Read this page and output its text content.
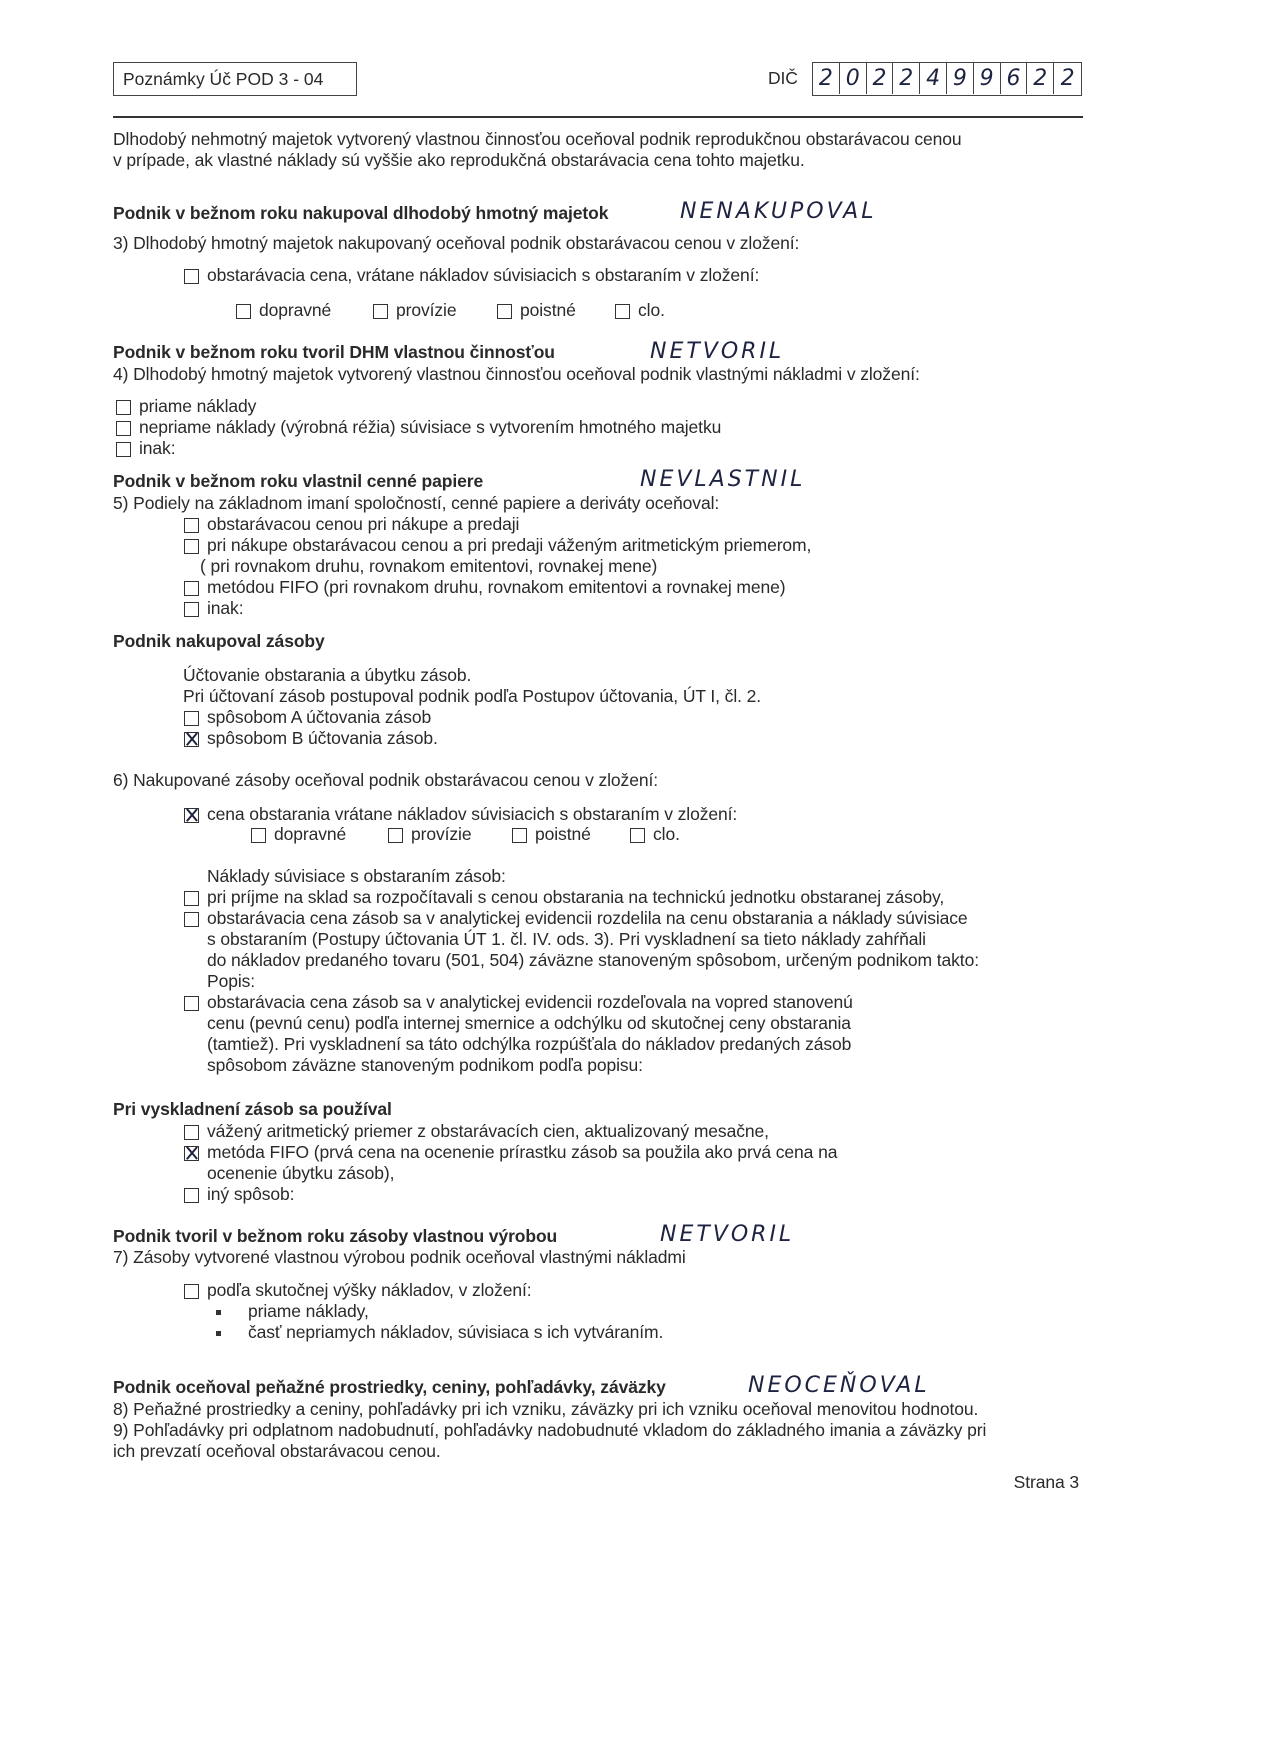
Poznámky Úč POD 3 - 04	DIČ 2 0 2 2 4 9 9 6 2 2
Dlhodobý nehmotný majetok vytvorený vlastnou činnosťou oceňoval podnik reprodukčnou obstarávacou cenou
v prípade, ak vlastné náklady sú vyššie ako reprodukčná obstarávacia cena tohto majetku.
Podnik v bežnom roku nakupoval dlhodobý hmotný majetok	NENAKUPOVAL
3) Dlhodobý hmotný majetok nakupovaný oceňoval podnik obstarávacou cenou v zložení:
obstarávacia cena, vrátane nákladov súvisiacich s obstaraním v zložení:
dopravné	provízie	poistné	clo.
Podnik v bežnom roku tvoril DHM vlastnou činnosťou	NETVORIL
4) Dlhodobý hmotný majetok vytvorený vlastnou činnosťou oceňoval podnik vlastnými nákladmi v zložení:
priame náklady
nepriame náklady (výrobná réžia) súvisiace s vytvorením hmotného majetku
inak:
Podnik v bežnom roku vlastnil cenné papiere	NEVLASTNIL
5) Podiely na základnom imaní spoločností, cenné papiere a deriváty oceňoval:
obstarávacou cenou pri nákupe a predaji
pri nákupe obstarávacou cenou a pri predaji váženým aritmetickým priemerom,
( pri rovnakom druhu, rovnakom emitentovi, rovnakej mene)
metódou FIFO (pri rovnakom druhu, rovnakom emitentovi a rovnakej mene)
inak:
Podnik nakupoval zásoby
Účtovanie obstarania a úbytku zásob.
Pri účtovaní zásob postupoval podnik podľa Postupov účtovania, ÚT I, čl. 2.
spôsobom A účtovania zásob
spôsobom B účtovania zásob.
6) Nakupované zásoby oceňoval podnik obstarávacou cenou v zložení:
cena obstarania vrátane nákladov súvisiacich s obstaraním v zložení:
dopravné	provízie	poistné	clo.
Náklady súvisiace s obstaraním zásob:
pri príjme na sklad sa rozpočítavali s cenou obstarania na technickú jednotku obstaranej zásoby,
obstarávacia cena zásob sa v analytickej evidencii rozdelila na cenu obstarania a náklady súvisiace
s obstaraním (Postupy účtovania ÚT 1. čl. IV. ods. 3). Pri vyskladnení sa tieto náklady zahŕňali
do nákladov predaného tovaru (501, 504) záväzne stanoveným spôsobom, určeným podnikom takto:
Popis:
obstarávacia cena zásob sa v analytickej evidencii rozdeľovala na vopred stanovenú
cenu (pevnú cenu) podľa internej smernice a odchýlku od skutočnej ceny obstarania
(tamtiež). Pri vyskladnení sa táto odchýlka rozpúšťala do nákladov predaných zásob
spôsobom záväzne stanoveným podnikom podľa popisu:
Pri vyskladnení zásob sa používal
vážený aritmetický priemer z obstarávacích cien, aktualizovaný mesačne,
metóda FIFO (prvá cena na ocenenie prírastku zásob sa použila ako prvá cena na
ocenenie úbytku zásob),
iný spôsob:
Podnik tvoril v bežnom roku zásoby vlastnou výrobou	NETVORIL
7) Zásoby vytvorené vlastnou výrobou podnik oceňoval vlastnými nákladmi
podľa skutočnej výšky nákladov, v zložení:
priame náklady,
časť nepriamych nákladov, súvisiaca s ich vytváraním.
Podnik oceňoval peňažné prostriedky, ceniny, pohľadávky, záväzky	NEOCEŇOVAL
8) Peňažné prostriedky a ceniny, pohľadávky pri ich vzniku, záväzky pri ich vzniku oceňoval menovitou hodnotou.
9) Pohľadávky pri odplatnom nadobudnutí, pohľadávky nadobudnuté vkladom do základného imania a záväzky pri
ich prevzatí oceňoval obstarávacou cenou.
Strana 3
